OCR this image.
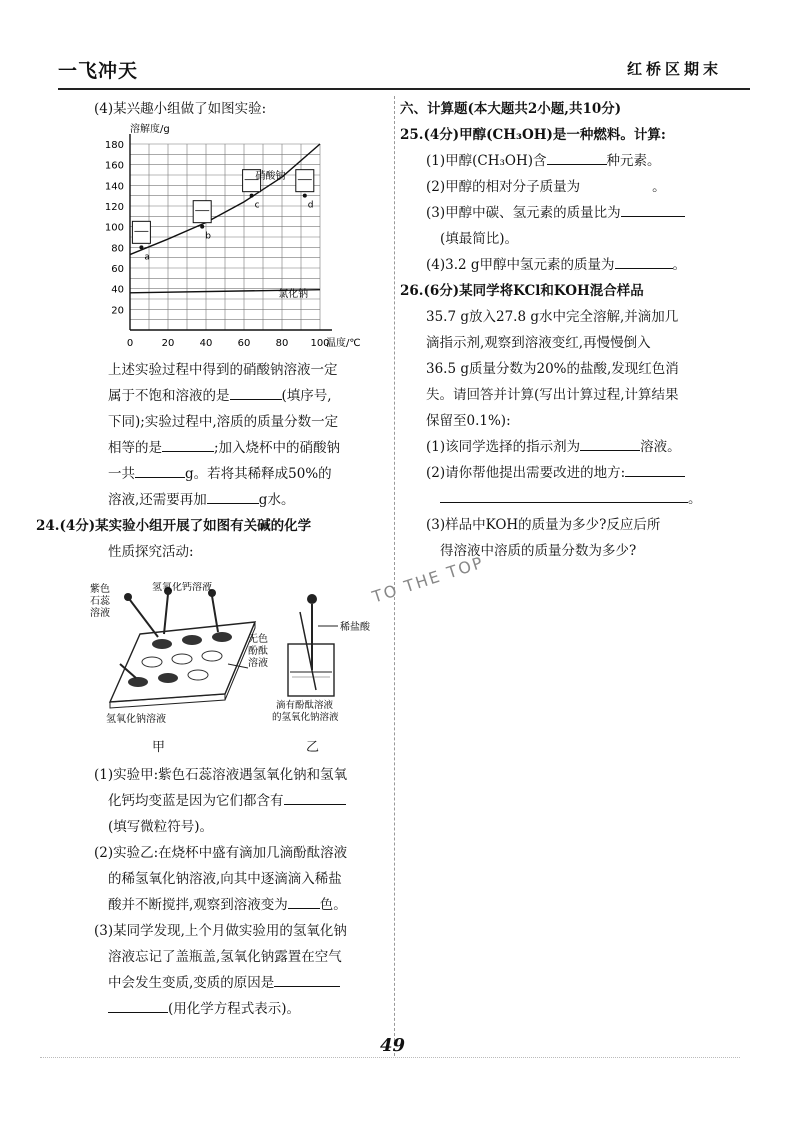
一飞冲天	红桥区期末

(4)某兴趣小组做了如图实验:

0	20	40	60	80 100
20
40
60
80
100
120
140
160
180
溶解度/g
温度/℃
硝酸钠
氯化钠
a
b
c	d

上述实验过程中得到的硝酸钠溶液一定

属于不饱和溶液的是	(填序号,

下同);实验过程中,溶质的质量分数一定

相等的是	;加入烧杯中的硝酸钠

一共	g。若将其稀释成50%的

溶液,还需要再加	g水。

24.(4分)某实验小组开展了如图有关碱的化学

性质探究活动:

紫色石蕊溶液
氢氧化钙溶液
无色酚酞溶液
氢氧化钠溶液
稀盐酸
滴有酚酞溶液的氢氧化钠溶液
甲	乙

(1)实验甲:紫色石蕊溶液遇氢氧化钠和氢氧

化钙均变蓝是因为它们都含有

(填写微粒符号)。

(2)实验乙:在烧杯中盛有滴加几滴酚酞溶液

的稀氢氧化钠溶液,向其中逐滴滴入稀盐

酸并不断搅拌,观察到溶液变为 色。

(3)某同学发现,上个月做实验用的氢氧化钠

溶液忘记了盖瓶盖,氢氧化钠露置在空气

中会发生变质,变质的原因是

(用化学方程式表示)。

六、计算题(本大题共2小题,共10分)

25.(4分)甲醇(CH₃OH)是一种燃料。计算:

(1)甲醇(CH₃OH)含	种元素。

(2)甲醇的相对分子质量为	。

(3)甲醇中碳、氢元素的质量比为

(填最简比)。

(4)3.2 g甲醇中氢元素的质量为	。

26.(6分)某同学将KCl和KOH混合样品

35.7 g放入27.8 g水中完全溶解,并滴加几

滴指示剂,观察到溶液变红,再慢慢倒入

36.5 g质量分数为20%的盐酸,发现红色消

失。请回答并计算(写出计算过程,计算结果

保留至0.1%):

(1)该同学选择的指示剂为	溶液。

(2)请你帮他提出需要改进的地方:

。

(3)样品中KOH的质量为多少?反应后所

得溶液中溶质的质量分数为多少?

TO THE TOP
49
